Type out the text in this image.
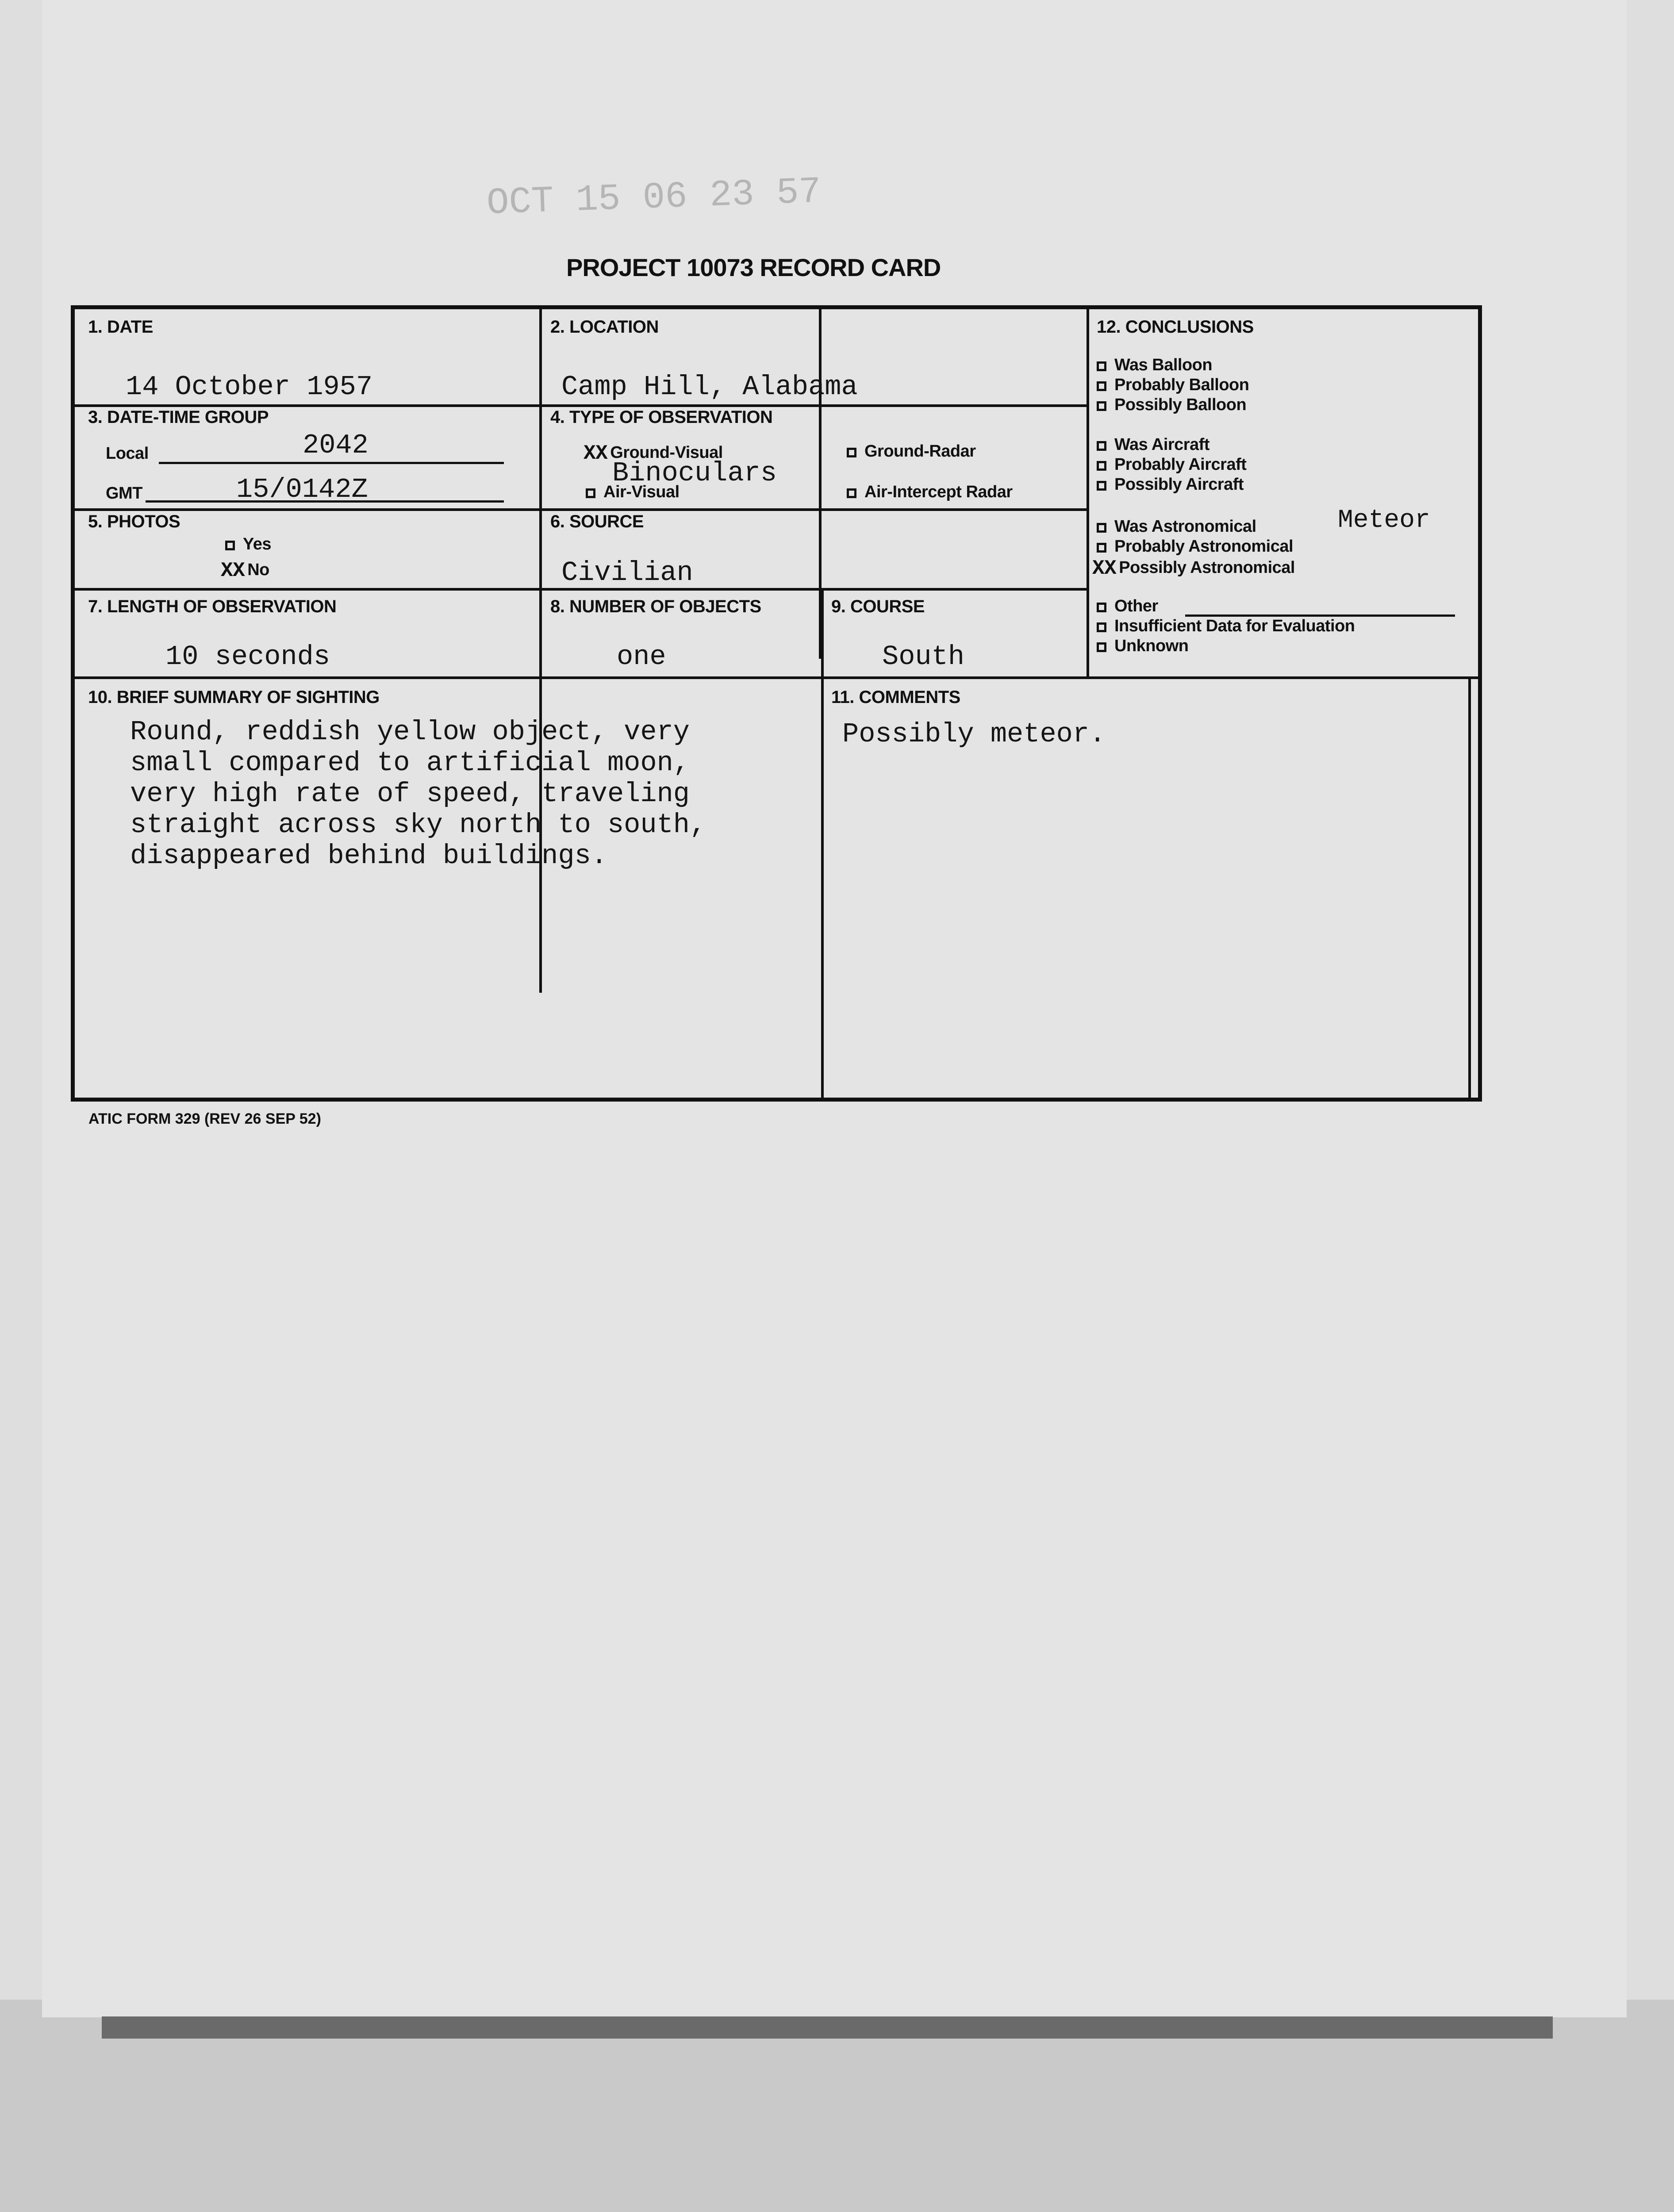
OCT 15 06 23 57
PROJECT 10073 RECORD CARD
1. DATE
14 October 1957
2. LOCATION
Camp Hill, Alabama
3. DATE-TIME GROUP
Local	2042
GMT	15/0142Z
4. TYPE OF OBSERVATION
XX Ground-Visual	Ground-Radar
Binoculars
Air-Visual	Air-Intercept Radar
5. PHOTOS
Yes
XX No
6. SOURCE
Civilian
7. LENGTH OF OBSERVATION
10 seconds
8. NUMBER OF OBJECTS
one
9. COURSE
South
12. CONCLUSIONS
Was Balloon
Probably Balloon
Possibly Balloon
Was Aircraft
Probably Aircraft
Possibly Aircraft
Was Astronomical	Meteor
Probably Astronomical
XX Possibly Astronomical
Other
Insufficient Data for Evaluation
Unknown
10. BRIEF SUMMARY OF SIGHTING
Round, reddish yellow object, very
small compared to artificial moon,
very high rate of speed, traveling
straight across sky north to south,
disappeared behind buildings.
11. COMMENTS
Possibly meteor.
ATIC FORM 329 (REV 26 SEP 52)
